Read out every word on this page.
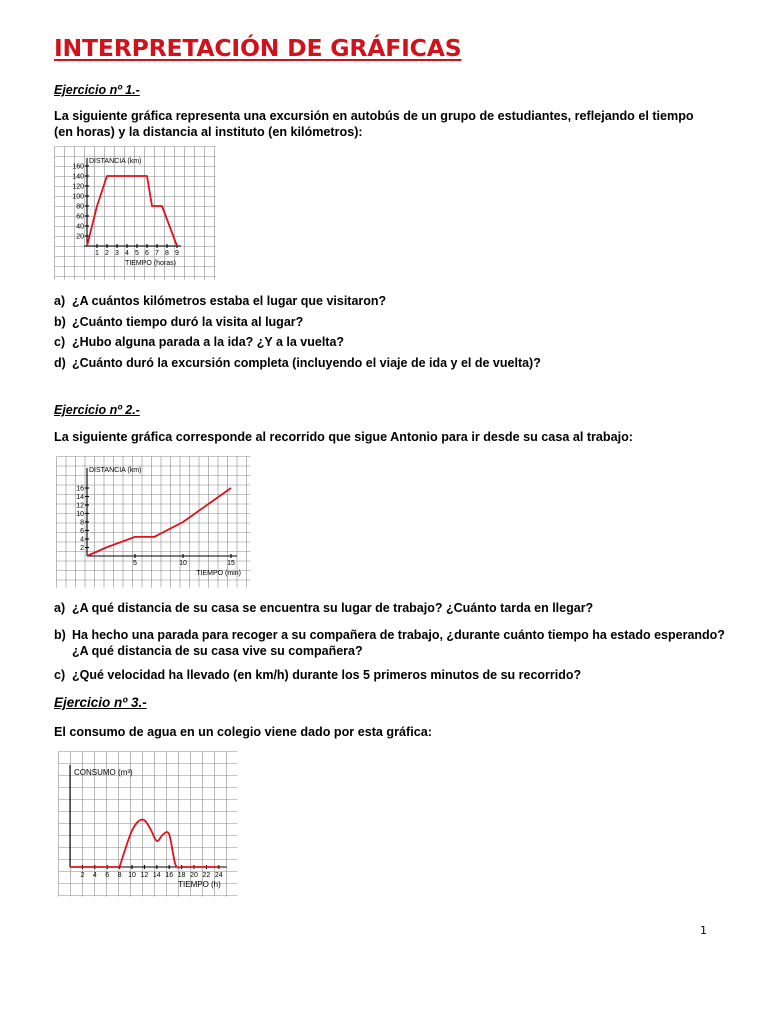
INTERPRETACIÓN DE GRÁFICAS

Ejercicio nº 1.-

La siguiente gráfica representa una excursión en autobús de un grupo de estudiantes, reflejando el tiempo (en horas) y la distancia al instituto (en kilómetros):

20
40
60
80
100
120
140
160
1 2 3 4 5 6 7 8 9
DISTANCIA (km)
TIEMPO (horas)

a) ¿A cuántos kilómetros estaba el lugar que visitaron?

b) ¿Cuánto tiempo duró la visita al lugar?

c) ¿Hubo alguna parada a la ida? ¿Y a la vuelta?

d) ¿Cuánto duró la excursión completa (incluyendo el viaje de ida y el de vuelta)?

Ejercicio nº 2.-

La siguiente gráfica corresponde al recorrido que sigue Antonio para ir desde su casa al trabajo:

2
4
6
8
10
12
14
16
5	10	15
DISTANCIA (km)
TIEMPO (min)

a) ¿A qué distancia de su casa se encuentra su lugar de trabajo? ¿Cuánto tarda en llegar?

b) Ha hecho una parada para recoger a su compañera de trabajo, ¿durante cuánto tiempo ha estado esperando?
¿A qué distancia de su casa vive su compañera?

c) ¿Qué velocidad ha llevado (en km/h) durante los 5 primeros minutos de su recorrido?

Ejercicio nº 3.-

El consumo de agua en un colegio viene dado por esta gráfica:

2 4 6 8 10 12 14 16 18 20 22 24
CONSUMO (m³)
TIEMPO (h)
1
